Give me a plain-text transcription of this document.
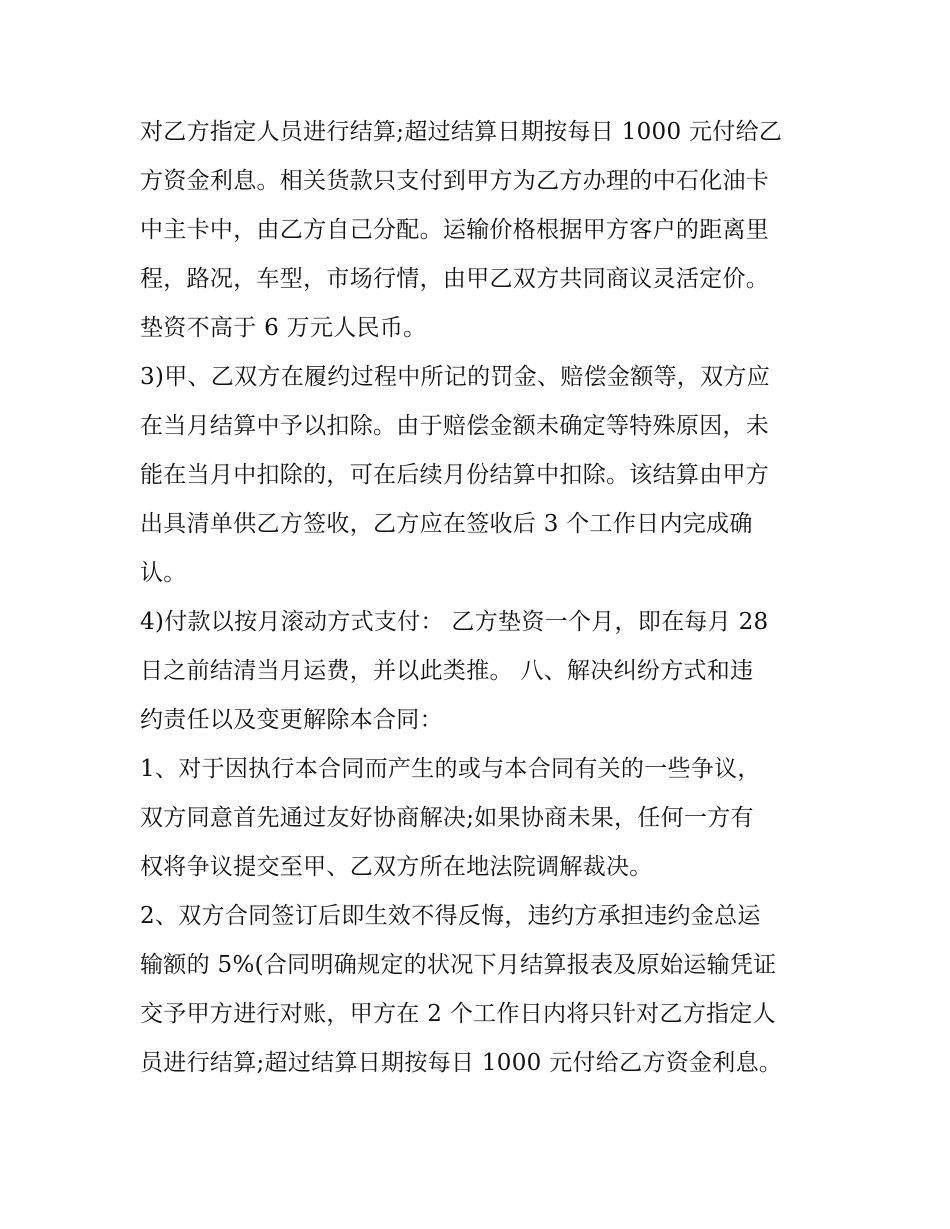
对乙方指定人员进行结算;超过结算日期按每日 1000 元付给乙
方资金利息。相关货款只支付到甲方为乙方办理的中石化油卡
中主卡中，由乙方自己分配。运输价格根据甲方客户的距离里
程，路况，车型，市场行情，由甲乙双方共同商议灵活定价。
垫资不高于 6 万元人民币。
3)甲、乙双方在履约过程中所记的罚金、赔偿金额等，双方应
在当月结算中予以扣除。由于赔偿金额未确定等特殊原因，未
能在当月中扣除的，可在后续月份结算中扣除。该结算由甲方
出具清单供乙方签收，乙方应在签收后 3 个工作日内完成确
认。
4)付款以按月滚动方式支付： 乙方垫资一个月，即在每月 28
日之前结清当月运费，并以此类推。 八、解决纠纷方式和违
约责任以及变更解除本合同：
1、对于因执行本合同而产生的或与本合同有关的一些争议，
双方同意首先通过友好协商解决;如果协商未果，任何一方有
权将争议提交至甲、乙双方所在地法院调解裁决。
2、双方合同签订后即生效不得反悔，违约方承担违约金总运
输额的 5%(合同明确规定的状况下月结算报表及原始运输凭证
交予甲方进行对账，甲方在 2 个工作日内将只针对乙方指定人
员进行结算;超过结算日期按每日 1000 元付给乙方资金利息。
